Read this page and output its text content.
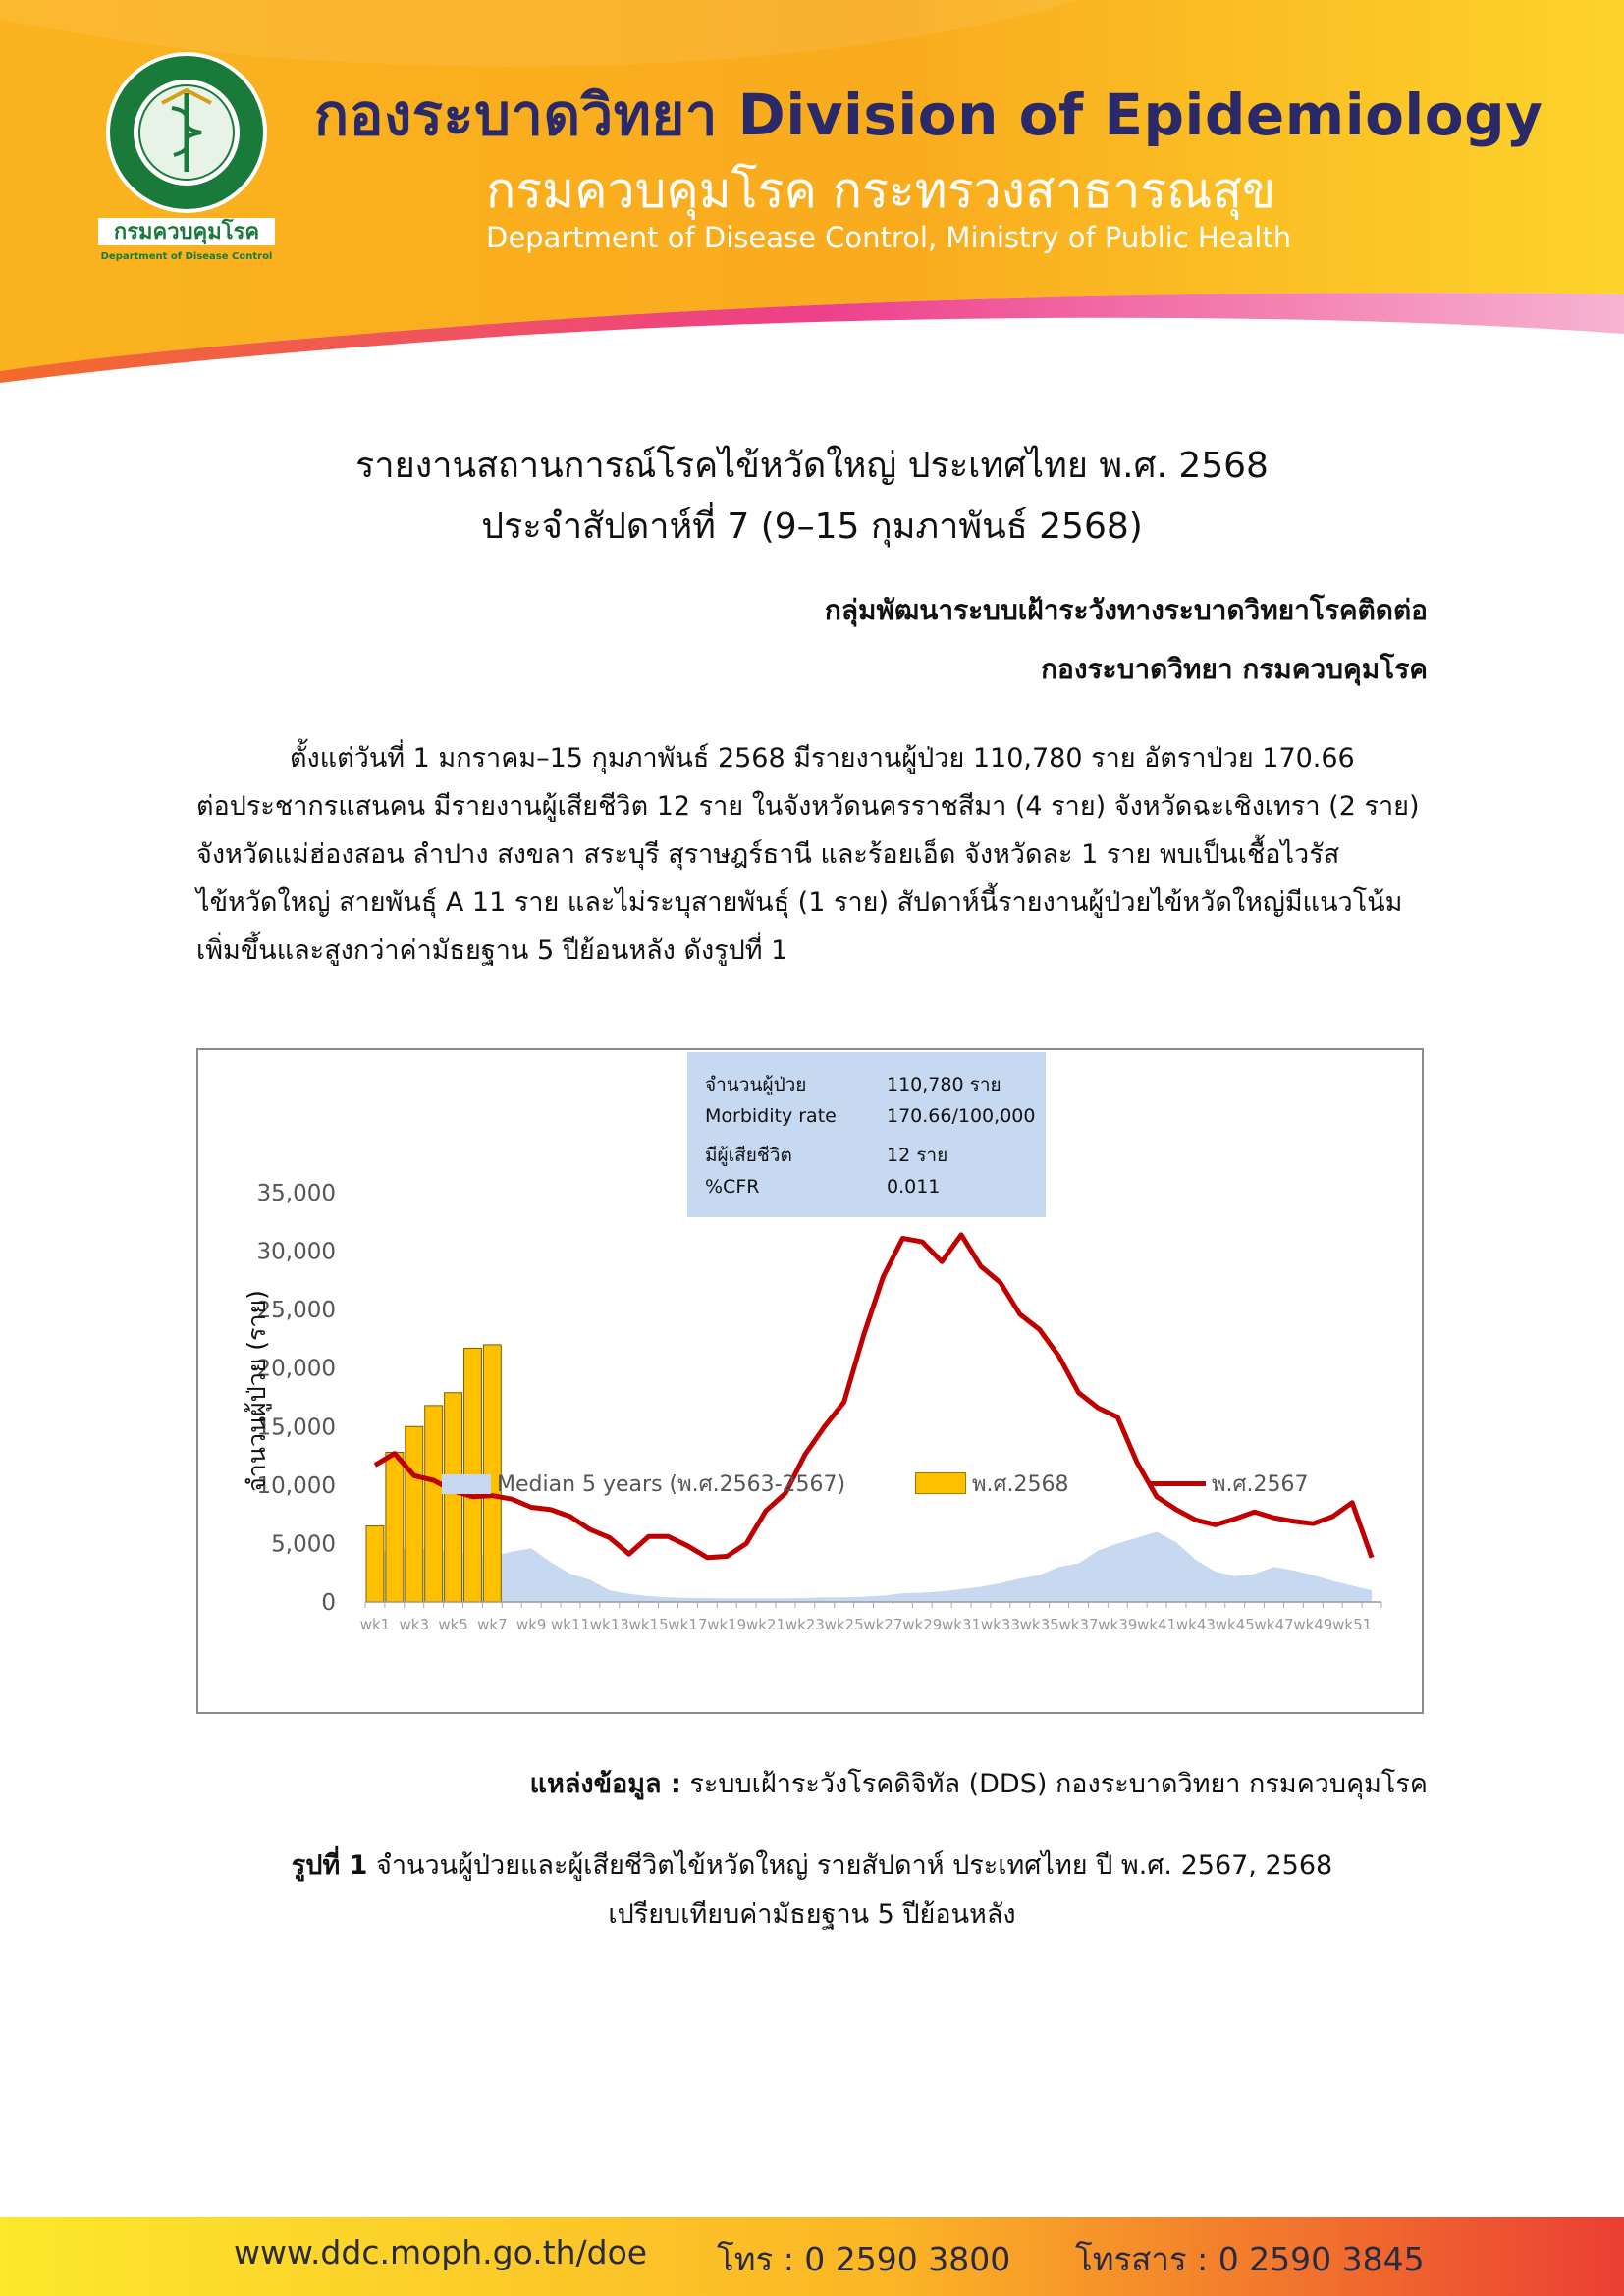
กรมควบคุมโรค
Department of Disease Control
กองระบาดวิทยา Division of Epidemiology
กรมควบคุมโรค กระทรวงสาธารณสุข
Department of Disease Control, Ministry of Public Health
รายงานสถานการณ์โรคไข้หวัดใหญ่ ประเทศไทย พ.ศ. 2568
ประจำสัปดาห์ที่ 7 (9–15 กุมภาพันธ์ 2568)
กลุ่มพัฒนาระบบเฝ้าระวังทางระบาดวิทยาโรคติดต่อ
กองระบาดวิทยา กรมควบคุมโรค
ตั้งแต่วันที่ 1 มกราคม–15 กุมภาพันธ์ 2568 มีรายงานผู้ป่วย 110,780 ราย อัตราป่วย 170.66
ต่อประชากรแสนคน มีรายงานผู้เสียชีวิต 12 ราย ในจังหวัดนครราชสีมา (4 ราย) จังหวัดฉะเชิงเทรา (2 ราย)
จังหวัดแม่ฮ่องสอน ลำปาง สงขลา สระบุรี สุราษฎร์ธานี และร้อยเอ็ด จังหวัดละ 1 ราย พบเป็นเชื้อไวรัส
ไข้หวัดใหญ่ สายพันธุ์ A 11 ราย และไม่ระบุสายพันธุ์ (1 ราย) สัปดาห์นี้รายงานผู้ป่วยไข้หวัดใหญ่มีแนวโน้ม
เพิ่มขึ้นและสูงกว่าค่ามัธยฐาน 5 ปีย้อนหลัง ดังรูปที่ 1
wk1 wk3 wk5 wk7 wk9 wk11 wk13 wk15 wk17 wk19 wk21 wk23 wk25 wk27 wk29 wk31 wk33 wk35 wk37 wk39 wk41 wk43 wk45 wk47 wk49 wk51
0
5,000
10,000
15,000
20,000
25,000
30,000
35,000
จำนวนผู้ป่วย	110,780 ราย
Morbidity rate	170.66/100,000
มีผู้เสียชีวิต	12 ราย
%CFR	0.011
จำนวนผู้ป่วย (ราย)	Median 5 years (พ.ศ.2563-2567)	พ.ศ.2568	พ.ศ.2567
แหล่งข้อมูล : ระบบเฝ้าระวังโรคดิจิทัล (DDS) กองระบาดวิทยา กรมควบคุมโรค
รูปที่ 1 จำนวนผู้ป่วยและผู้เสียชีวิตไข้หวัดใหญ่ รายสัปดาห์ ประเทศไทย ปี พ.ศ. 2567, 2568
เปรียบเทียบค่ามัธยฐาน 5 ปีย้อนหลัง
www.ddc.moph.go.th/doe โทร : 0 2590 3800 โทรสาร : 0 2590 3845
